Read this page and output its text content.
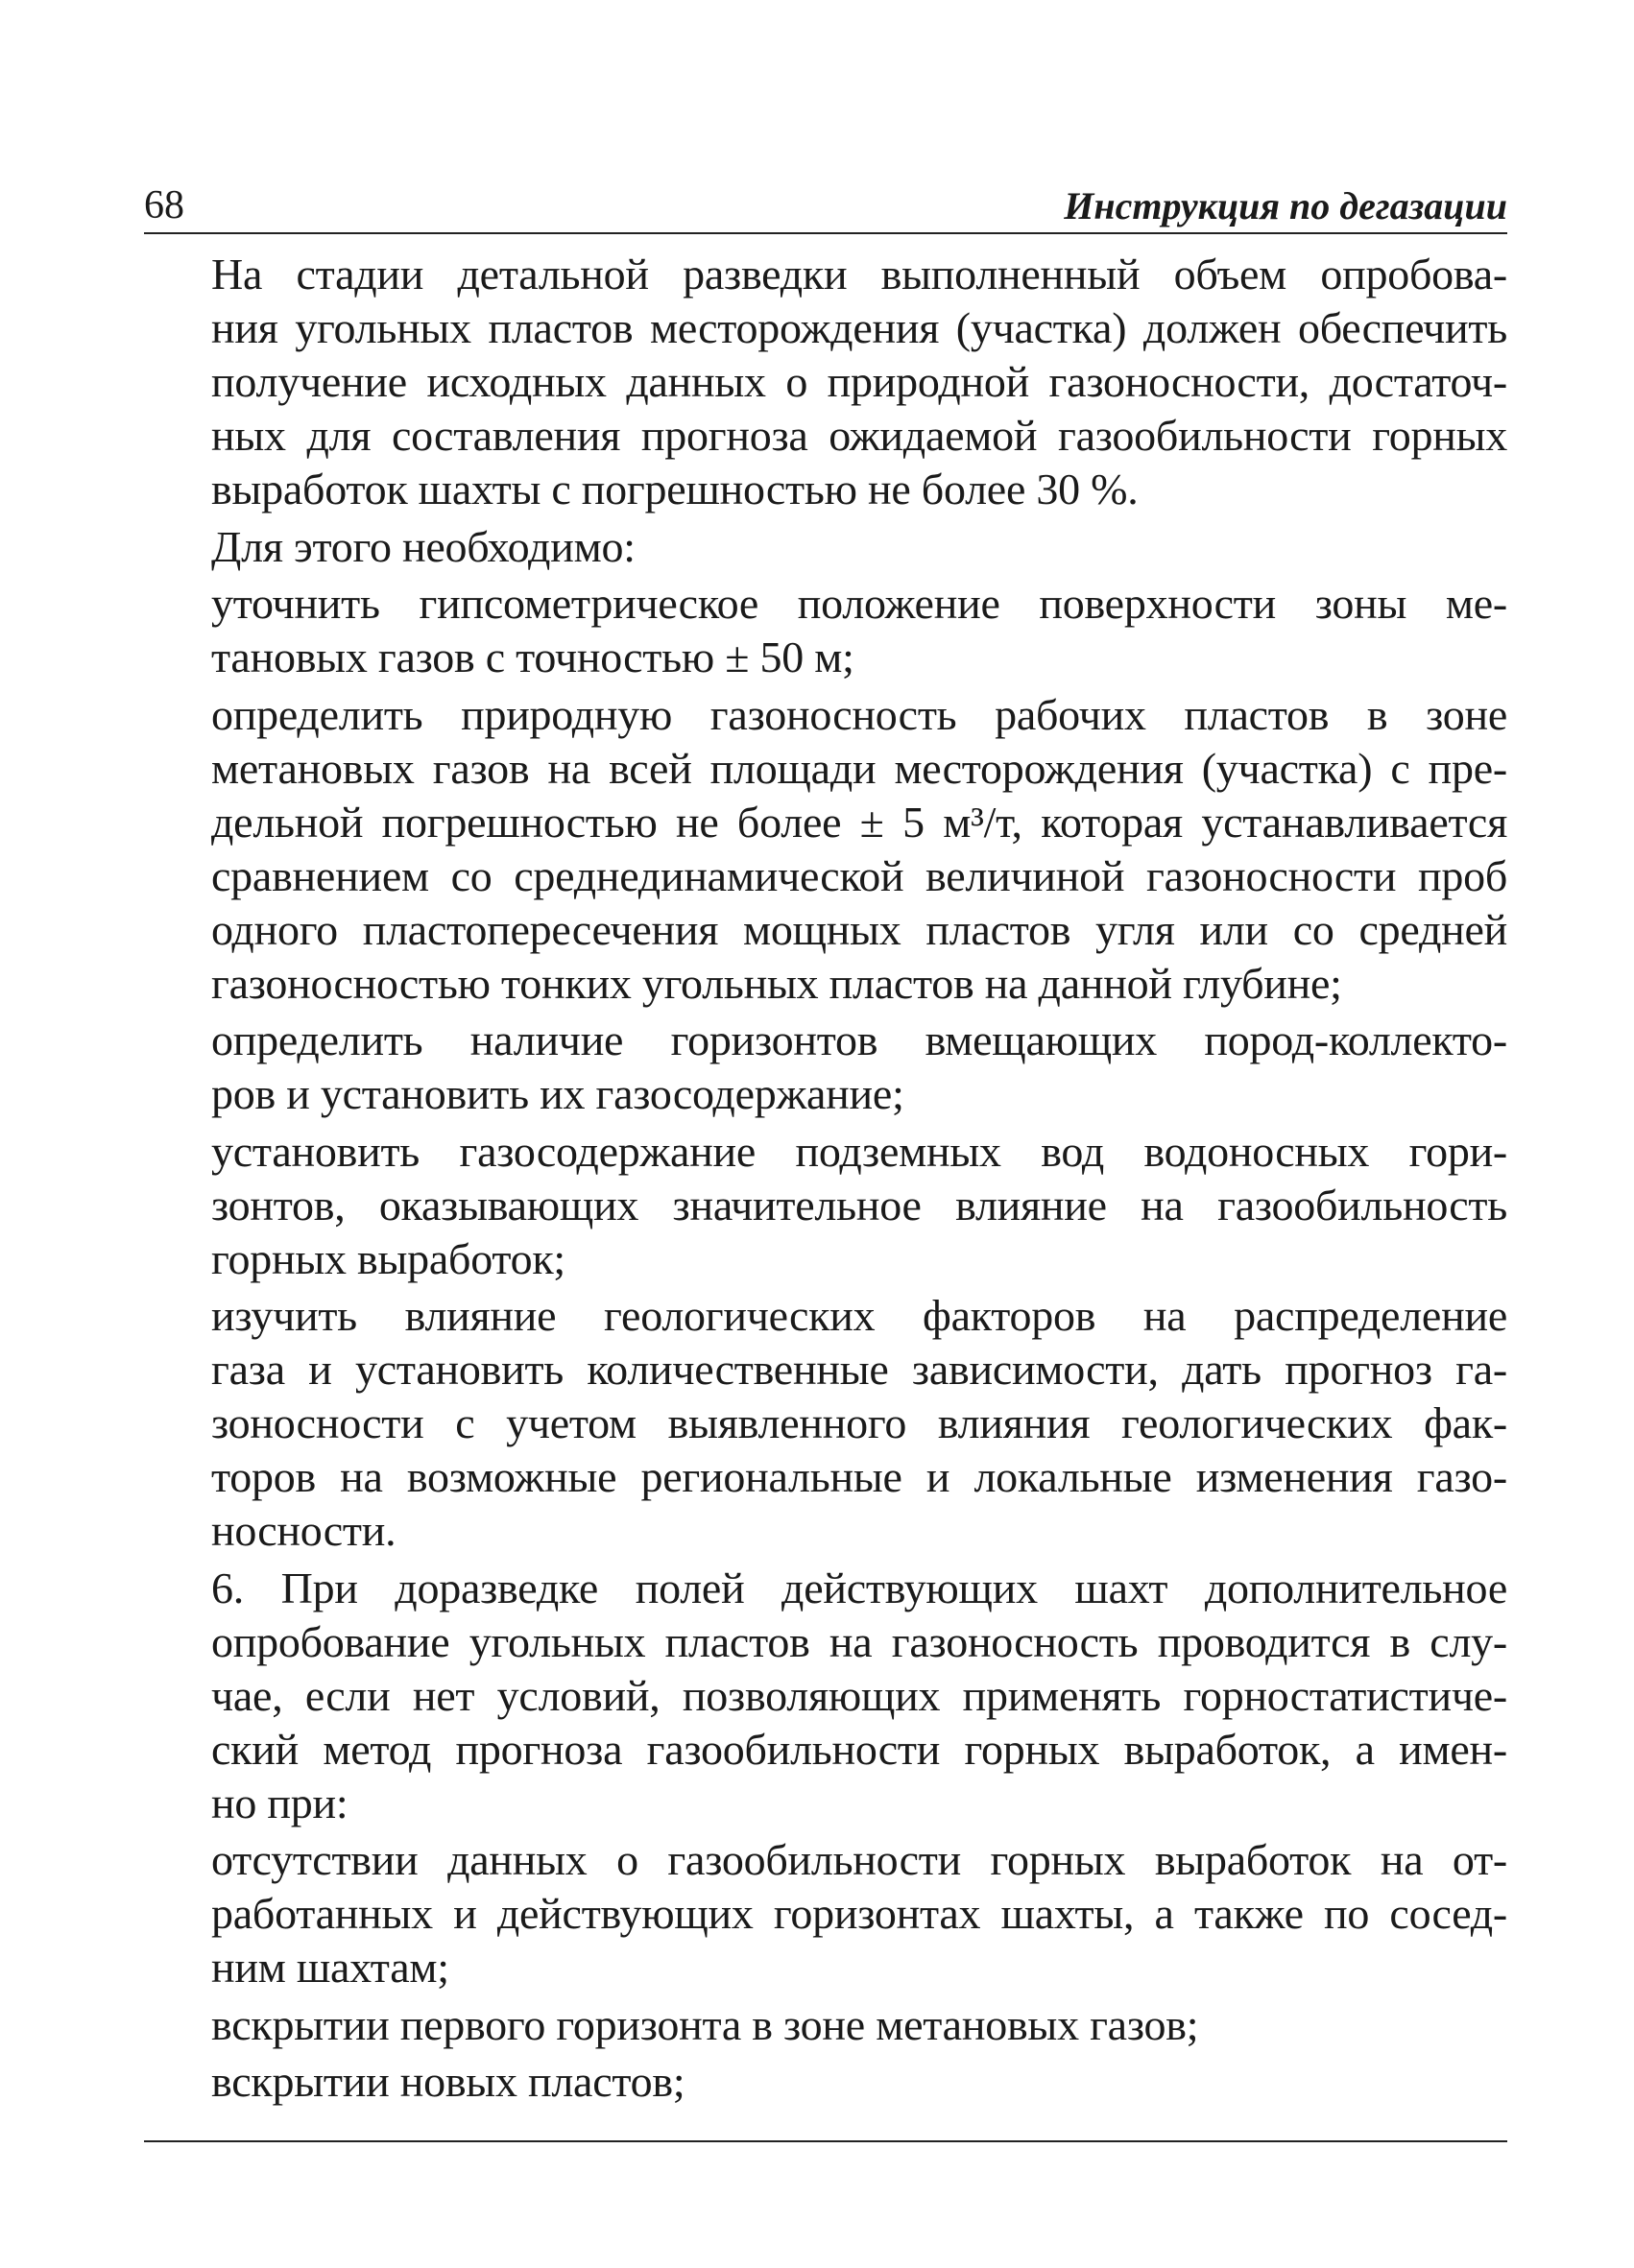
68	Инструкция по дегазации

На стадии детальной разведки выполненный объем опробова-
ния угольных пластов месторождения (участка) должен обеспечить
получение исходных данных о природной газоносности, достаточ-
ных для составления прогноза ожидаемой газообильности горных
выработок шахты с погрешностью не более 30 %.

Для этого необходимо:

уточнить гипсометрическое положение поверхности зоны ме-
тановых газов с точностью ± 50 м;

определить природную газоносность рабочих пластов в зоне
метановых газов на всей площади месторождения (участка) с пре-
дельной погрешностью не более ± 5 м³/т, которая устанавливается
сравнением со среднединамической величиной газоносности проб
одного пластопересечения мощных пластов угля или со средней
газоносностью тонких угольных пластов на данной глубине;

определить наличие горизонтов вмещающих пород-коллекто-
ров и установить их газосодержание;

установить газосодержание подземных вод водоносных гори-
зонтов, оказывающих значительное влияние на газообильность
горных выработок;

изучить влияние геологических факторов на распределение
газа и установить количественные зависимости, дать прогноз га-
зоносности с учетом выявленного влияния геологических фак-
торов на возможные региональные и локальные изменения газо-
носности.

6. При доразведке полей действующих шахт дополнительное
опробование угольных пластов на газоносность проводится в слу-
чае, если нет условий, позволяющих применять горностатистиче-
ский метод прогноза газообильности горных выработок, а имен-
но при:

отсутствии данных о газообильности горных выработок на от-
работанных и действующих горизонтах шахты, а также по сосед-
ним шахтам;

вскрытии первого горизонта в зоне метановых газов;

вскрытии новых пластов;
